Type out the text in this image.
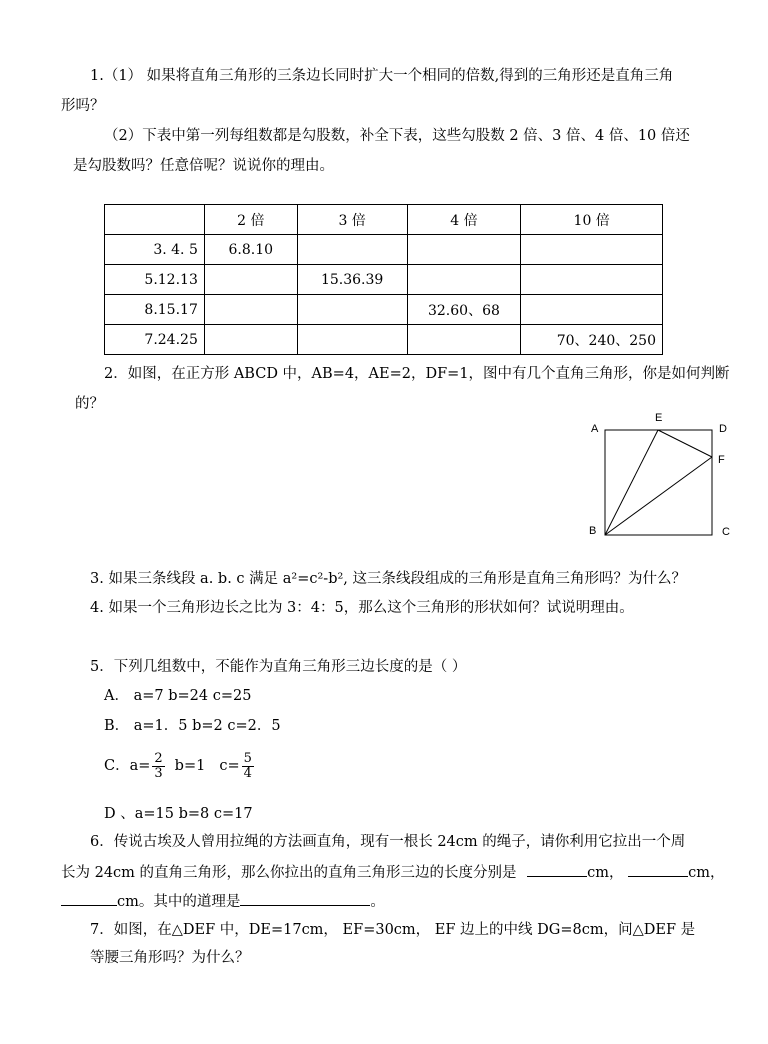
1.（1） 如果将直角三角形的三条边长同时扩大一个相同的倍数,得到的三角形还是直角三角
形吗？
（2）下表中第一列每组数都是勾股数，补全下表，这些勾股数 2 倍、3 倍、4 倍、10 倍还
是勾股数吗？任意倍呢？说说你的理由。
	2 倍	3 倍	4 倍	10 倍
3. 4. 5	6.8.10			
5.12.13		15.36.39		
8.15.17			32.60、68	
7.24.25				70、240、250
2．如图，在正方形 ABCD 中，AB=4，AE=2，DF=1，图中有几个直角三角形，你是如何判断
的？
A
E
D
F
B	C
3. 如果三条线段 a. b. c 满足 a²=c²-b², 这三条线段组成的三角形是直角三角形吗？为什么？
4. 如果一个三角形边长之比为 3：4：5，那么这个三角形的形状如何？试说明理由。
5．下列几组数中，不能作为直角三角形三边长度的是（ ）
A． a=7 b=24 c=25
B． a=1．5 b=2 c=2．5
C．$a= \frac{2}{3} b=1$ $c= \frac{5}{4}$
D 、a=15 b=8 c=17
6．传说古埃及人曾用拉绳的方法画直角，现有一根长 24cm 的绳子，请你利用它拉出一个周
长为 24cm 的直角三角形，那么你拉出的直角三角形三边的长度分别是	cm，	cm，
cm。其中的道理是	。
7．如图，在△DEF 中，DE=17cm， EF=30cm， EF 边上的中线 DG=8cm，问△DEF 是
等腰三角形吗？为什么？
